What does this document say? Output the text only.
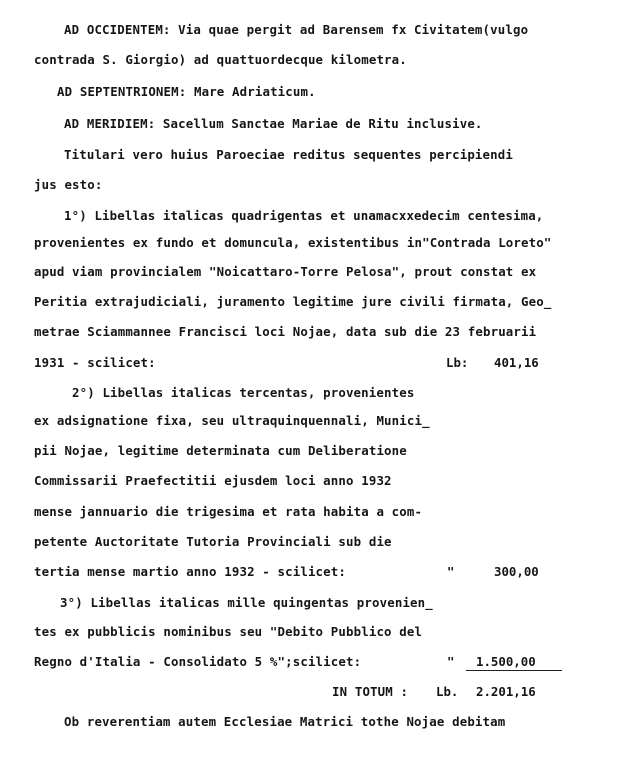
AD OCCIDENTEM: Via quae pergit ad Barensem fx Civitatem(vulgo
contrada S. Giorgio) ad quattuordecque kilometra.
AD SEPTENTRIONEM: Mare Adriaticum.
AD MERIDIEM: Sacellum Sanctae Mariae de Ritu inclusive.
Titulari vero huius Paroeciae reditus sequentes percipiendi
jus esto:
1°) Libellas italicas quadrigentas et unamacxxedecim centesima,
provenientes ex fundo et domuncula, existentibus in"Contrada Loreto"
apud viam provincialem "Noicattaro-Torre Pelosa", prout constat ex
Peritia extrajudiciali, juramento legitime jure civili firmata, Geo_
metrae Sciammannee Francisci loci Nojae, data sub die 23 februarii
1931 - scilicet:	Lb: 401,16
2°) Libellas italicas tercentas, provenientes
ex adsignatione fixa, seu ultraquinquennali, Munici_
pii Nojae, legitime determinata cum Deliberatione
Commissarii Praefectitii ejusdem loci anno 1932
mense jannuario die trigesima et rata habita a com-
petente Auctoritate Tutoria Provinciali sub die
tertia mense martio anno 1932 - scilicet:	"	300,00
3°) Libellas italicas mille quingentas provenien_
tes ex pubblicis nominibus seu "Debito Pubblico del
Regno d'Italia - Consolidato 5 %";scilicet:	"	1.500,00
IN TOTUM : Lb. 2.201,16
Ob reverentiam autem Ecclesiae Matrici tothe Nojae debitam
